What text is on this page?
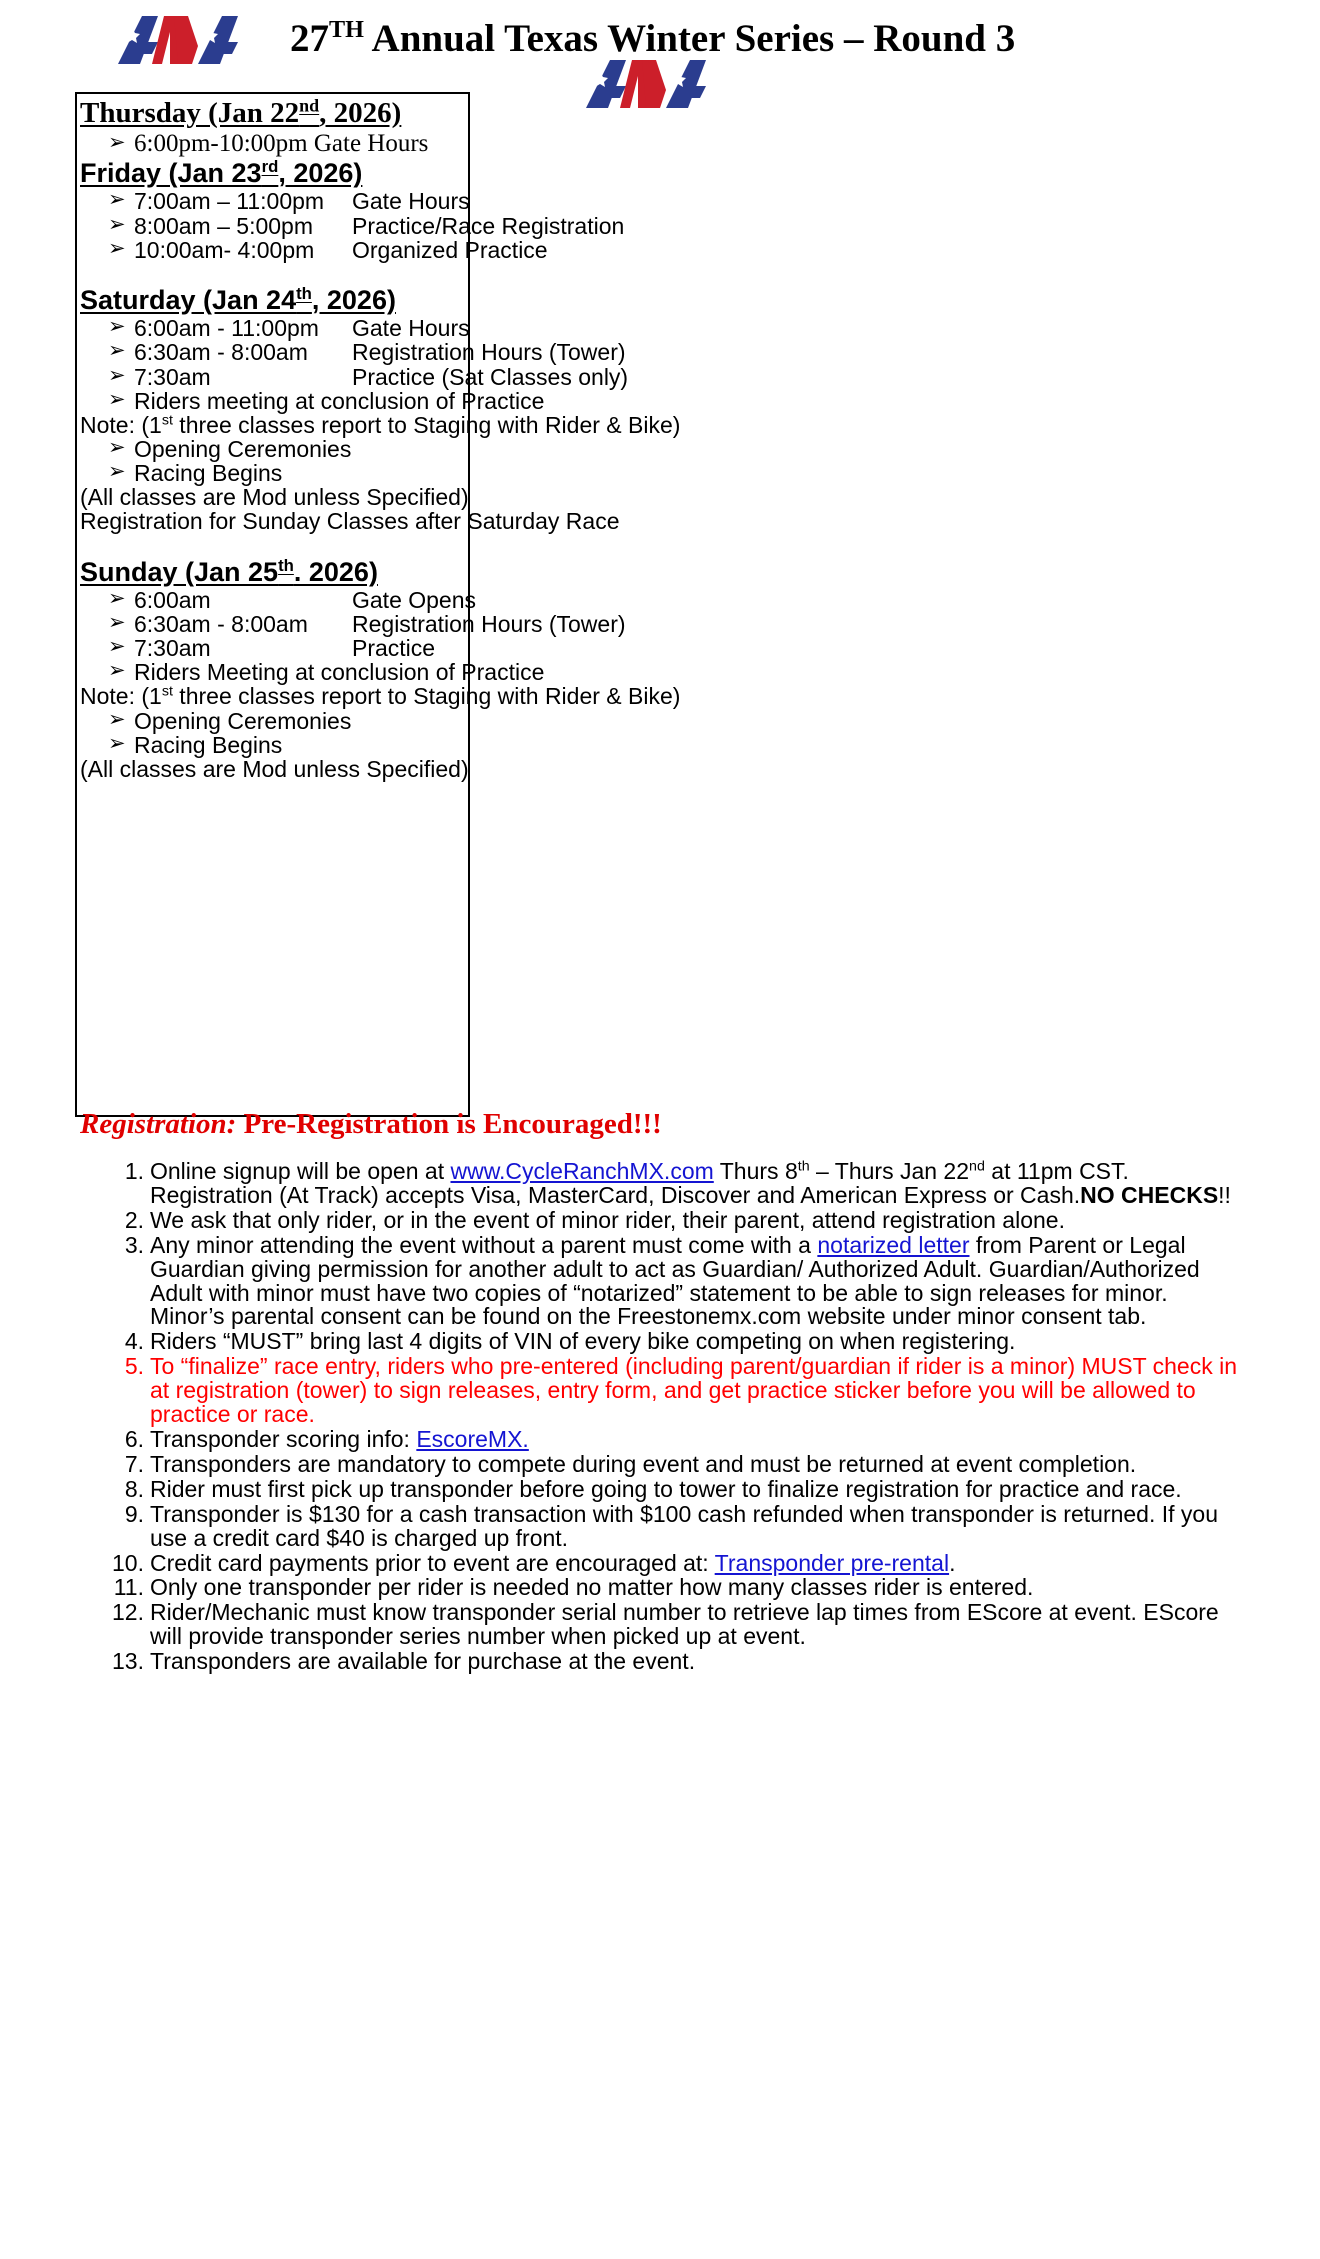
27TH Annual Texas Winter Series – Round 3
Thursday (Jan 22nd, 2026)
➢ 6:00pm-10:00pm Gate Hours
Friday (Jan 23rd, 2026)
➢ 7:00am – 11:00pm	Gate Hours
➢ 8:00am – 5:00pm	Practice/Race Registration
➢ 10:00am- 4:00pm	Organized Practice
Saturday (Jan 24th, 2026)
➢ 6:00am - 11:00pm	Gate Hours
➢ 6:30am - 8:00am	Registration Hours (Tower)
➢ 7:30am	Practice (Sat Classes only)
➢ Riders meeting at conclusion of Practice
Note: (1st three classes report to Staging with Rider & Bike)
➢ Opening Ceremonies
➢ Racing Begins
(All classes are Mod unless Specified)
Registration for Sunday Classes after Saturday Race
Sunday (Jan 25th. 2026)
➢ 6:00am	Gate Opens
➢ 6:30am - 8:00am	Registration Hours (Tower)
➢ 7:30am	Practice
➢ Riders Meeting at conclusion of Practice
Note: (1st three classes report to Staging with Rider & Bike)
➢ Opening Ceremonies
➢ Racing Begins
(All classes are Mod unless Specified)
Registration: Pre-Registration is Encouraged!!!
1. Online signup will be open at www.CycleRanchMX.com Thurs 8th – Thurs Jan 22nd at 11pm CST. Registration (At Track) accepts Visa, MasterCard, Discover and American Express or Cash.NO CHECKS!!
2. We ask that only rider, or in the event of minor rider, their parent, attend registration alone.
3. Any minor attending the event without a parent must come with a notarized letter from Parent or Legal Guardian giving permission for another adult to act as Guardian/ Authorized Adult. Guardian/Authorized Adult with minor must have two copies of “notarized” statement to be able to sign releases for minor. Minor’s parental consent can be found on the Freestonemx.com website under minor consent tab.
4. Riders “MUST” bring last 4 digits of VIN of every bike competing on when registering.
5. To “finalize” race entry, riders who pre-entered (including parent/guardian if rider is a minor) MUST check in at registration (tower) to sign releases, entry form, and get practice sticker before you will be allowed to practice or race.
6. Transponder scoring info: EscoreMX.
7. Transponders are mandatory to compete during event and must be returned at event completion.
8. Rider must first pick up transponder before going to tower to finalize registration for practice and race.
9. Transponder is $130 for a cash transaction with $100 cash refunded when transponder is returned. If you use a credit card $40 is charged up front.
10. Credit card payments prior to event are encouraged at: Transponder pre-rental.
11. Only one transponder per rider is needed no matter how many classes rider is entered.
12. Rider/Mechanic must know transponder serial number to retrieve lap times from EScore at event. EScore will provide transponder series number when picked up at event.
13. Transponders are available for purchase at the event.
